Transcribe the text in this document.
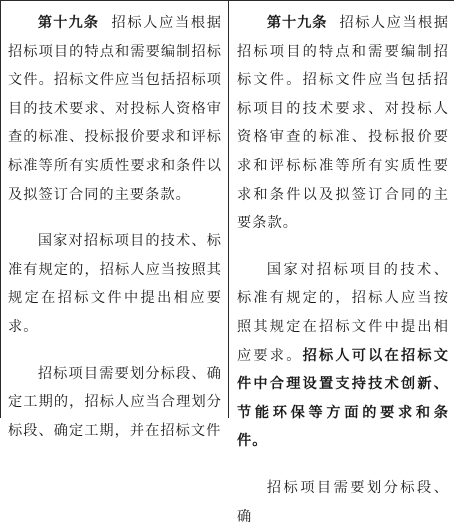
第十九条 招标人应当根据招标项目的特点和需要编制招标文件。招标文件应当包括招标项目的技术要求、对投标人资格审查的标准、投标报价要求和评标标准等所有实质性要求和条件以及拟签订合同的主要条款。

国家对招标项目的技术、标准有规定的，招标人应当按照其规定在招标文件中提出相应要求。

招标项目需要划分标段、确定工期的，招标人应当合理划分标段、确定工期，并在招标文件

第十九条 招标人应当根据招标项目的特点和需要编制招标文件。招标文件应当包括招标项目的技术要求、对投标人资格审查的标准、投标报价要求和评标标准等所有实质性要求和条件以及拟签订合同的主要条款。

国家对招标项目的技术、标准有规定的，招标人应当按照其规定在招标文件中提出相应要求。招标人可以在招标文件中合理设置支持技术创新、节能环保等方面的要求和条件。

招标项目需要划分标段、确
